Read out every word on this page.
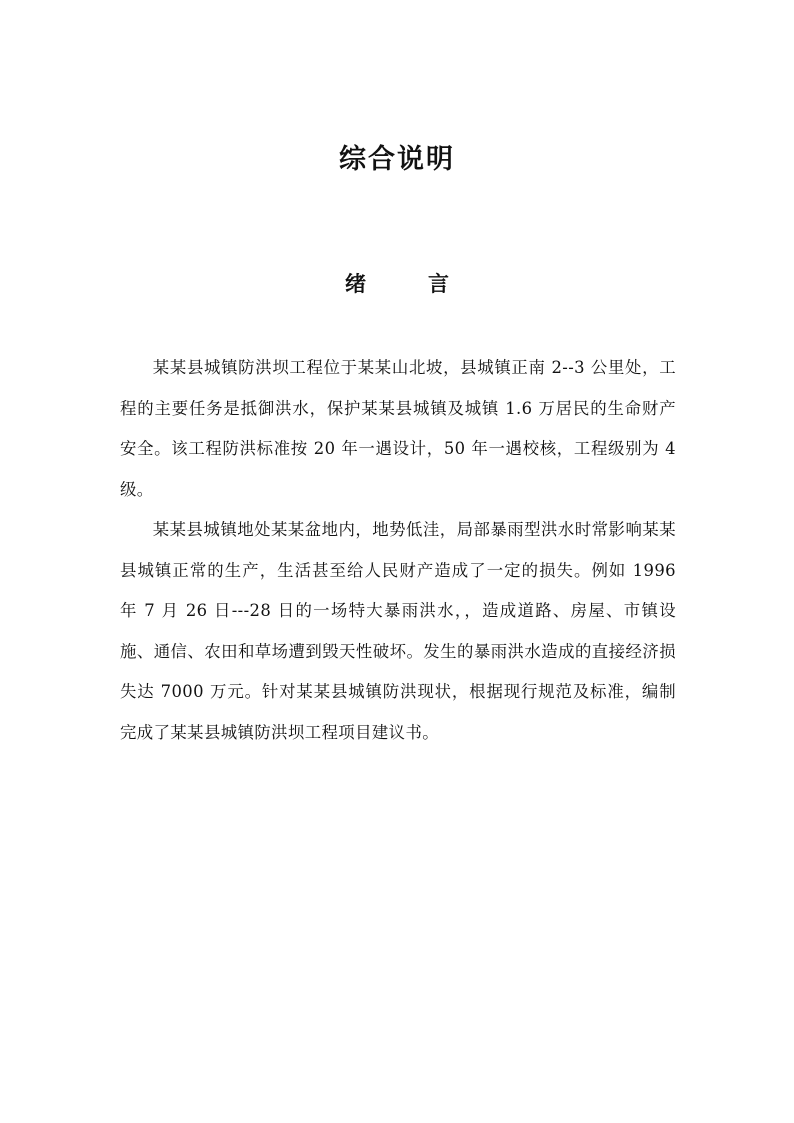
综合说明
绪	言

某某县城镇防洪坝工程位于某某山北坡，县城镇正南 2--3 公里处，工程的主要任务是抵御洪水，保护某某县城镇及城镇 1.6 万居民的生命财产安全。该工程防洪标准按 20 年一遇设计，50 年一遇校核，工程级别为 4 级。

某某县城镇地处某某盆地内，地势低洼，局部暴雨型洪水时常影响某某县城镇正常的生产，生活甚至给人民财产造成了一定的损失。例如 1996 年 7 月 26 日---28 日的一场特大暴雨洪水，，造成道路、房屋、市镇设施、通信、农田和草场遭到毁天性破坏。发生的暴雨洪水造成的直接经济损失达 7000 万元。针对某某县城镇防洪现状，根据现行规范及标准，编制完成了某某县城镇防洪坝工程项目建议书。
